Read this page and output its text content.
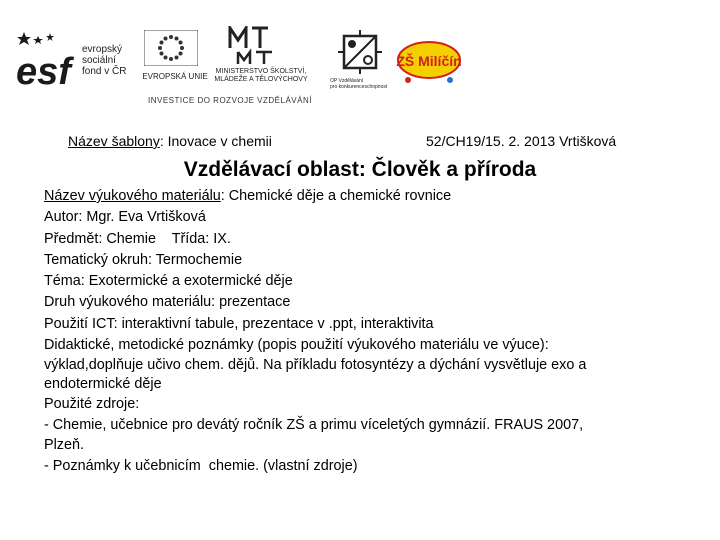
esf
evropský
sociální
fond v ČR	EVROPSKÁ UNIE
MINISTERSTVO ŠKOLSTVÍ,
MLÁDEŽE A TĚLOVÝCHOVY	OP Vzdělávání
pro konkurenceschopnost
ZŠ Milíčín
INVESTICE DO ROZVOJE VZDĚLÁVÁNÍ
Název šablony: Inovace v chemii	52/CH19/15. 2. 2013 Vrtišková
Vzdělávací oblast: Člověk a příroda

Název výukového materiálu: Chemické děje a chemické rovnice

Autor: Mgr. Eva Vrtišková

Předmět: Chemie    Třída: IX.

Tematický okruh: Termochemie

Téma: Exotermické a exotermické děje

Druh výukového materiálu: prezentace

Použití ICT: interaktivní tabule, prezentace v .ppt, interaktivita

Didaktické, metodické poznámky (popis použití výukového materiálu ve výuce):

výklad,doplňuje učivo chem. dějů. Na příkladu fotosyntézy a dýchání vysvětluje exo a

endotermické děje

Použité zdroje:

- Chemie, učebnice pro devátý ročník ZŠ a primu víceletých gymnázií. FRAUS 2007,

Plzeň.

- Poznámky k učebnicím  chemie. (vlastní zdroje)
